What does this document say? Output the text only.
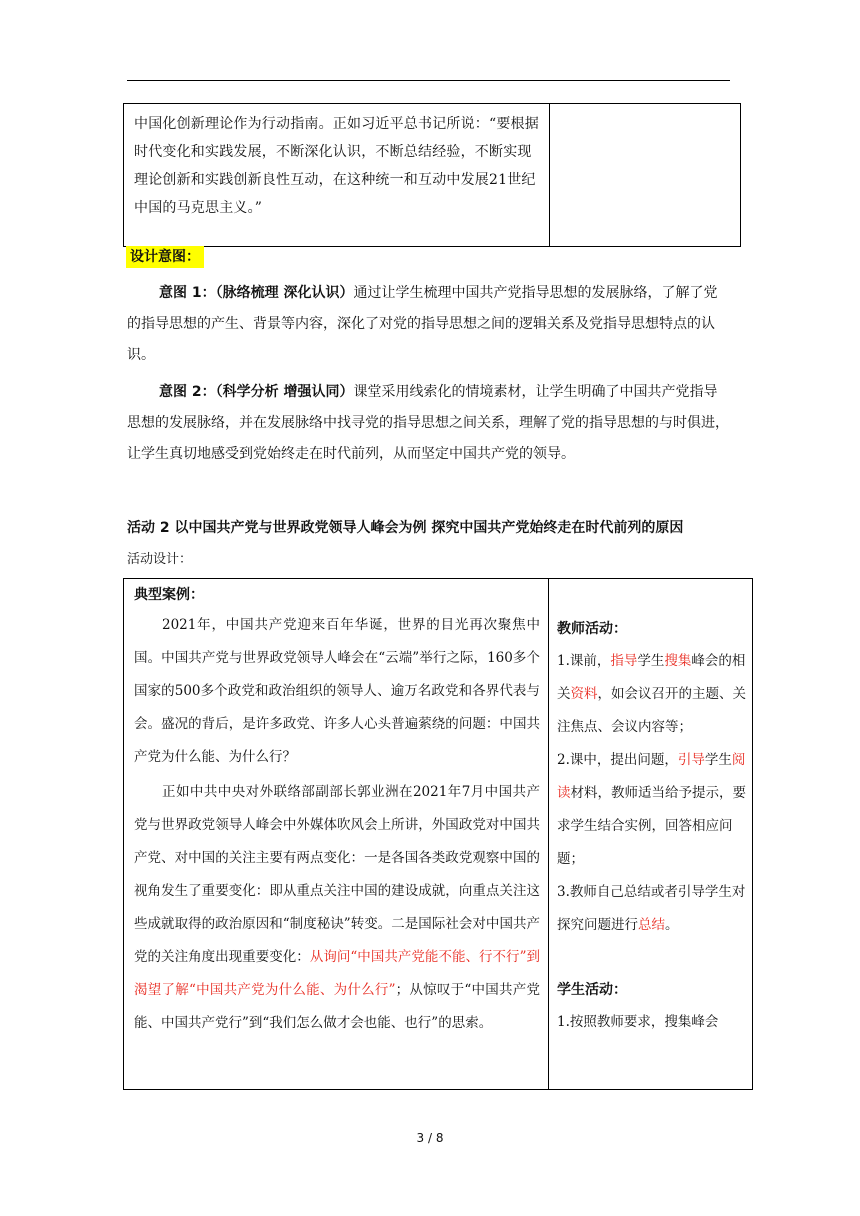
中国化创新理论作为行动指南。正如习近平总书记所说：“要根据时代变化和实践发展，不断深化认识，不断总结经验，不断实现理论创新和实践创新良性互动，在这种统一和互动中发展21世纪中国的马克思主义。”

设计意图：

意图 1：（脉络梳理 深化认识）通过让学生梳理中国共产党指导思想的发展脉络，了解了党的指导思想的产生、背景等内容，深化了对党的指导思想之间的逻辑关系及党指导思想特点的认识。

意图 2：（科学分析 增强认同）课堂采用线索化的情境素材，让学生明确了中国共产党指导思想的发展脉络，并在发展脉络中找寻党的指导思想之间关系，理解了党的指导思想的与时俱进，让学生真切地感受到党始终走在时代前列，从而坚定中国共产党的领导。

活动 2 以中国共产党与世界政党领导人峰会为例 探究中国共产党始终走在时代前列的原因
活动设计：

典型案例：

2021年，中国共产党迎来百年华诞，世界的目光再次聚焦中国。中国共产党与世界政党领导人峰会在“云端”举行之际，160多个国家的500多个政党和政治组织的领导人、逾万名政党和各界代表与会。盛况的背后，是许多政党、许多人心头普遍萦绕的问题：中国共产党为什么能、为什么行？

正如中共中央对外联络部副部长郭业洲在2021年7月中国共产党与世界政党领导人峰会中外媒体吹风会上所讲，外国政党对中国共产党、对中国的关注主要有两点变化：一是各国各类政党观察中国的视角发生了重要变化：即从重点关注中国的建设成就，向重点关注这些成就取得的政治原因和“制度秘诀”转变。二是国际社会对中国共产党的关注角度出现重要变化：从询问“中国共产党能不能、行不行”到渴望了解“中国共产党为什么能、为什么行”；从惊叹于“中国共产党能、中国共产党行”到“我们怎么做才会也能、也行”的思索。

教师活动：

1.课前，指导学生搜集峰会的相关资料，如会议召开的主题、关注焦点、会议内容等；

2.课中，提出问题，引导学生阅读材料，教师适当给予提示，要求学生结合实例，回答相应问题；

3.教师自己总结或者引导学生对探究问题进行总结。

学生活动：

1.按照教师要求，搜集峰会

3 / 8
